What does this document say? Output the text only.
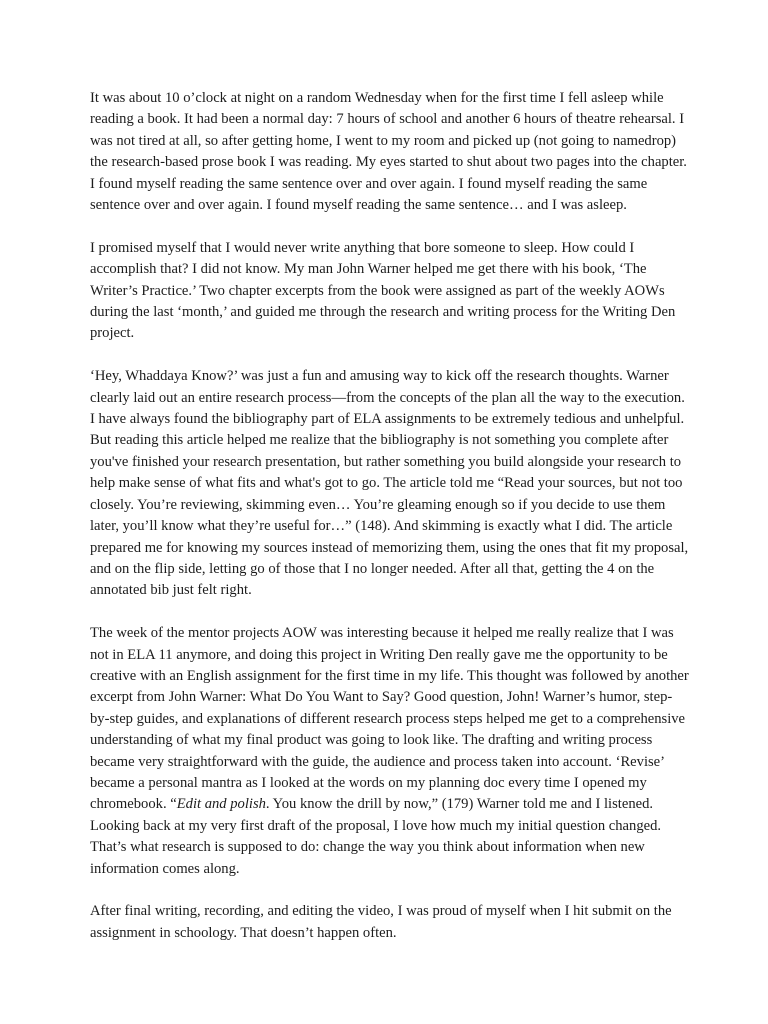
It was about 10 o’clock at night on a random Wednesday when for the first time I fell asleep while reading a book. It had been a normal day: 7 hours of school and another 6 hours of theatre rehearsal. I was not tired at all, so after getting home, I went to my room and picked up (not going to namedrop) the research-based prose book I was reading. My eyes started to shut about two pages into the chapter. I found myself reading the same sentence over and over again. I found myself reading the same sentence over and over again. I found myself reading the same sentence… and I was asleep.

I promised myself that I would never write anything that bore someone to sleep. How could I accomplish that? I did not know. My man John Warner helped me get there with his book, ‘The Writer’s Practice.’ Two chapter excerpts from the book were assigned as part of the weekly AOWs during the last ‘month,’ and guided me through the research and writing process for the Writing Den project.

‘Hey, Whaddaya Know?’ was just a fun and amusing way to kick off the research thoughts. Warner clearly laid out an entire research process—from the concepts of the plan all the way to the execution. I have always found the bibliography part of ELA assignments to be extremely tedious and unhelpful. But reading this article helped me realize that the bibliography is not something you complete after you've finished your research presentation, but rather something you build alongside your research to help make sense of what fits and what's got to go. The article told me “Read your sources, but not too closely. You’re reviewing, skimming even… You’re gleaming enough so if you decide to use them later, you’ll know what they’re useful for…” (148). And skimming is exactly what I did. The article prepared me for knowing my sources instead of memorizing them, using the ones that fit my proposal, and on the flip side, letting go of those that I no longer needed. After all that, getting the 4 on the annotated bib just felt right.

The week of the mentor projects AOW was interesting because it helped me really realize that I was not in ELA 11 anymore, and doing this project in Writing Den really gave me the opportunity to be creative with an English assignment for the first time in my life. This thought was followed by another excerpt from John Warner: What Do You Want to Say? Good question, John! Warner’s humor, step-by-step guides, and explanations of different research process steps helped me get to a comprehensive understanding of what my final product was going to look like. The drafting and writing process became very straightforward with the guide, the audience and process taken into account. ‘Revise’ became a personal mantra as I looked at the words on my planning doc every time I opened my chromebook. “Edit and polish. You know the drill by now,” (179) Warner told me and I listened. Looking back at my very first draft of the proposal, I love how much my initial question changed. That’s what research is supposed to do: change the way you think about information when new information comes along.

After final writing, recording, and editing the video, I was proud of myself when I hit submit on the assignment in schoology. That doesn’t happen often.
